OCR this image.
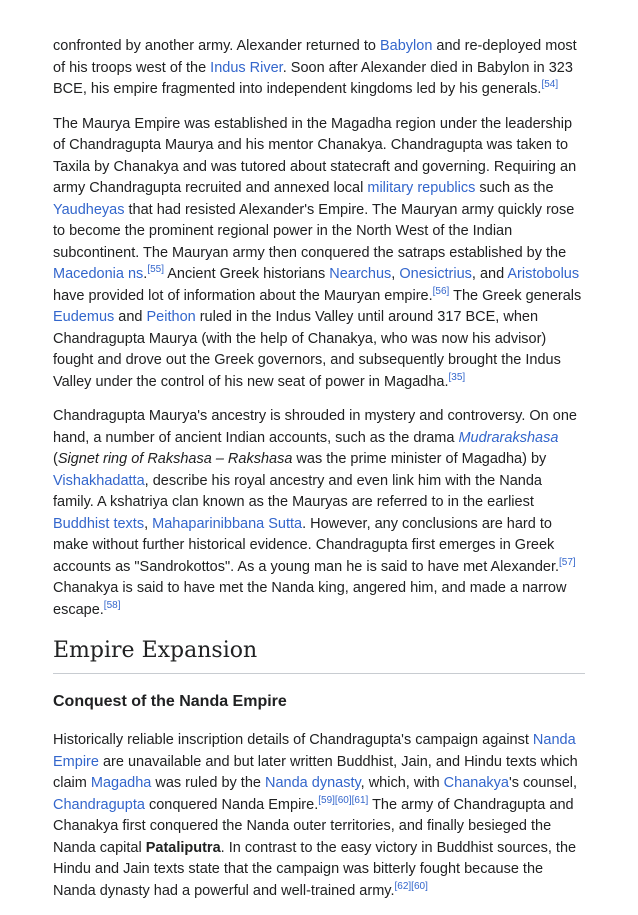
confronted by another army. Alexander returned to Babylon and re-deployed most of his troops west of the Indus River. Soon after Alexander died in Babylon in 323 BCE, his empire fragmented into independent kingdoms led by his generals.[54]

The Maurya Empire was established in the Magadha region under the leadership of Chandragupta Maurya and his mentor Chanakya. Chandragupta was taken to Taxila by Chanakya and was tutored about statecraft and governing. Requiring an army Chandragupta recruited and annexed local military republics such as the Yaudheyas that had resisted Alexander's Empire. The Mauryan army quickly rose to become the prominent regional power in the North West of the Indian subcontinent. The Mauryan army then conquered the satraps established by the Macedonia ns.[55] Ancient Greek historians Nearchus, Onesictrius, and Aristobolus have provided lot of information about the Mauryan empire.[56] The Greek generals Eudemus and Peithon ruled in the Indus Valley until around 317 BCE, when Chandragupta Maurya (with the help of Chanakya, who was now his advisor) fought and drove out the Greek governors, and subsequently brought the Indus Valley under the control of his new seat of power in Magadha.[35]

Chandragupta Maurya's ancestry is shrouded in mystery and controversy. On one hand, a number of ancient Indian accounts, such as the drama Mudrarakshasa (Signet ring of Rakshasa – Rakshasa was the prime minister of Magadha) by Vishakhadatta, describe his royal ancestry and even link him with the Nanda family. A kshatriya clan known as the Mauryas are referred to in the earliest Buddhist texts, Mahaparinibbana Sutta. However, any conclusions are hard to make without further historical evidence. Chandragupta first emerges in Greek accounts as "Sandrokottos". As a young man he is said to have met Alexander.[57] Chanakya is said to have met the Nanda king, angered him, and made a narrow escape.[58]

Empire Expansion
Conquest of the Nanda Empire

Historically reliable inscription details of Chandragupta's campaign against Nanda Empire are unavailable and but later written Buddhist, Jain, and Hindu texts which claim Magadha was ruled by the Nanda dynasty, which, with Chanakya's counsel, Chandragupta conquered Nanda Empire.[59][60][61] The army of Chandragupta and Chanakya first conquered the Nanda outer territories, and finally besieged the Nanda capital Pataliputra. In contrast to the easy victory in Buddhist sources, the Hindu and Jain texts state that the campaign was bitterly fought because the Nanda dynasty had a powerful and well-trained army.[62][60]
